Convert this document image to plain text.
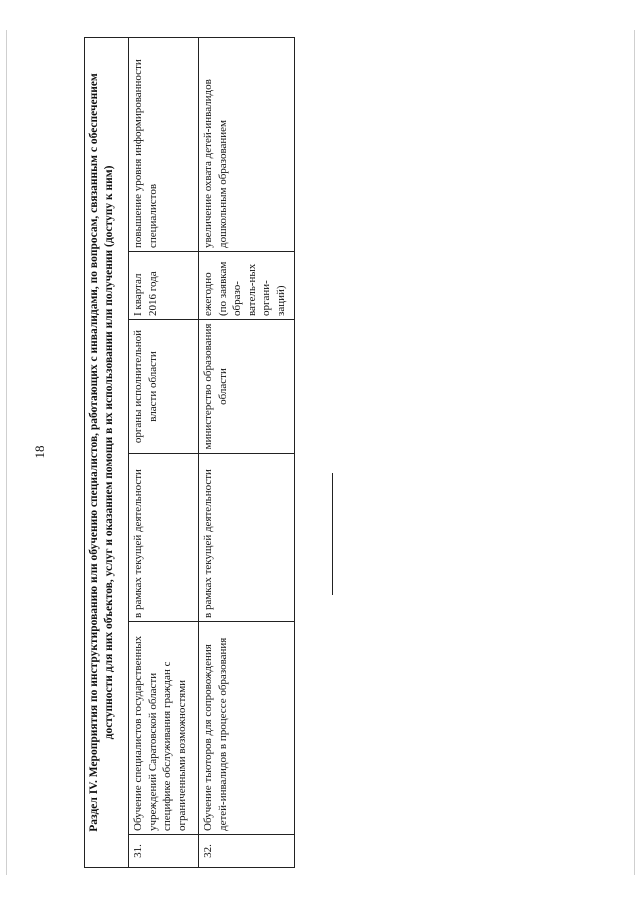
18	Раздел IV. Мероприятия по инструктированию или обучению специалистов, работающих с инвалидами, по вопросам, связанным с обеспечением доступности для них объектов, услуг и оказанием помощи в их использовании или получении (доступу к ним)					
31.	Обучение специалистов государственных учреждений Саратовской области специфике обслуживания граждан с ограниченными возможностями	в рамках текущей деятельности	органы исполнительной власти области	I квартал 2016 года	повышение уровня информированности специалистов
32.	Обучение тьюторов для сопровождения детей-инвалидов в процессе образования	в рамках текущей деятельности	министерство образования области	ежегодно (по заявкам образо-ватель-ных органи-заций)	увеличение охвата детей-инвалидов дошкольным образованием
